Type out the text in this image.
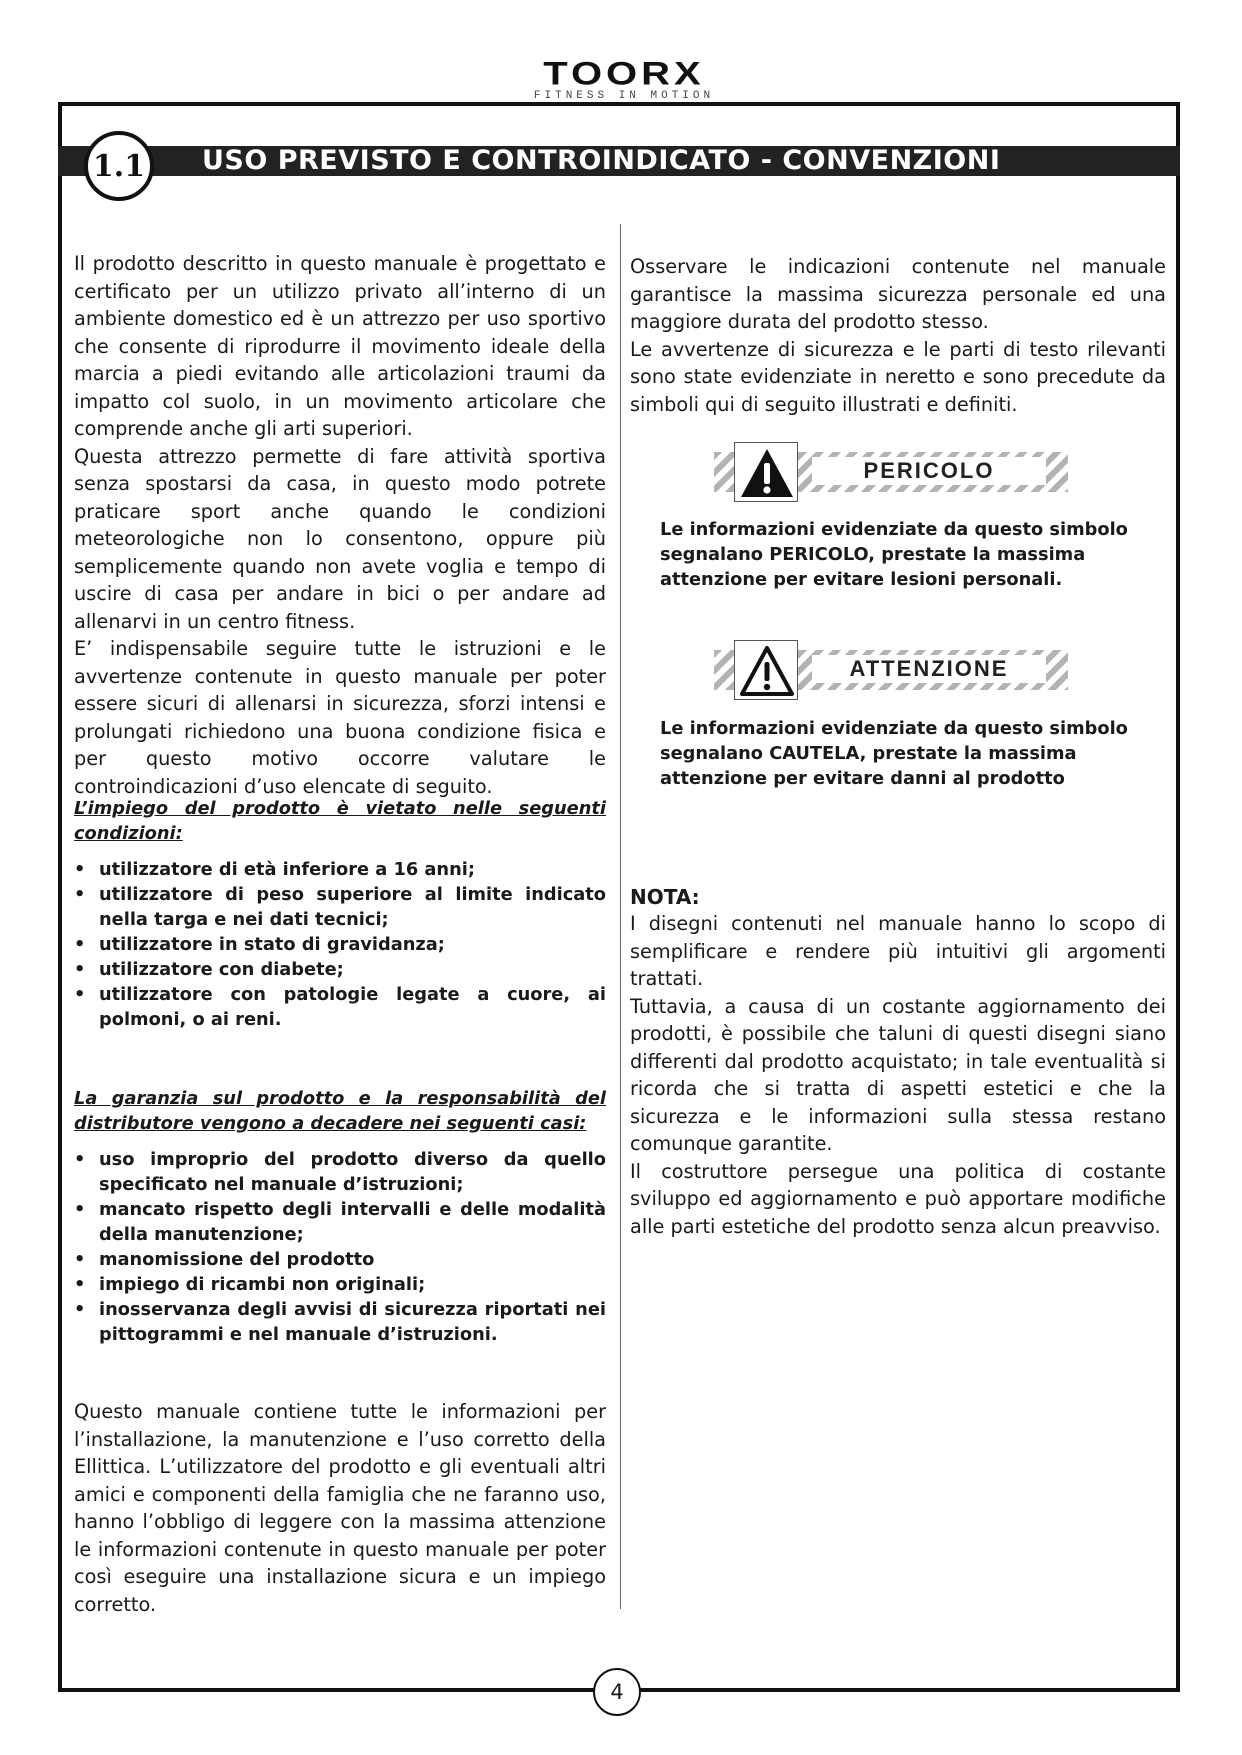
TOORX
FITNESS IN MOTION
USO PREVISTO E CONTROINDICATO - CONVENZIONI
1.1

Il prodotto descritto in questo manuale è progettato e certificato per un utilizzo privato all’interno di un ambiente domestico ed è un attrezzo per uso sportivo che consente di riprodurre il movimento ideale della marcia a piedi evitando alle articolazioni traumi da impatto col suolo, in un movimento articolare che comprende anche gli arti superiori.

Questa attrezzo permette di fare attività sportiva senza spostarsi da casa, in questo modo potrete praticare sport anche quando le condizioni meteorologiche non lo consentono, oppure più semplicemente quando non avete voglia e tempo di uscire di casa per andare in bici o per andare ad allenarvi in un centro fitness.

E’ indispensabile seguire tutte le istruzioni e le avvertenze contenute in questo manuale per poter essere sicuri di allenarsi in sicurezza, sforzi intensi e prolungati richiedono una buona condizione fisica e per questo motivo occorre valutare le controindicazioni d’uso elencate di seguito.

L’impiego del prodotto è vietato nelle seguenti condizioni:
• utilizzatore di età inferiore a 16 anni;
• utilizzatore di peso superiore al limite indicato nella targa e nei dati tecnici;
• utilizzatore in stato di gravidanza;
• utilizzatore con diabete;
• utilizzatore con patologie legate a cuore, ai polmoni, o ai reni.
La garanzia sul prodotto e la responsabilità del distributore vengono a decadere nei seguenti casi:
• uso improprio del prodotto diverso da quello specificato nel manuale d’istruzioni;
• mancato rispetto degli intervalli e delle modalità della manutenzione;
• manomissione del prodotto
• impiego di ricambi non originali;
• inosservanza degli avvisi di sicurezza riportati nei pittogrammi e nel manuale d’istruzioni.

Questo manuale contiene tutte le informazioni per l’installazione, la manutenzione e l’uso corretto della Ellittica. L’utilizzatore del prodotto e gli eventuali altri amici e componenti della famiglia che ne faranno uso, hanno l’obbligo di leggere con la massima attenzione le informazioni contenute in questo manuale per poter così eseguire una installazione sicura e un impiego corretto.

Osservare le indicazioni contenute nel manuale garantisce la massima sicurezza personale ed una maggiore durata del prodotto stesso.

Le avvertenze di sicurezza e le parti di testo rilevanti sono state evidenziate in neretto e sono precedute da simboli qui di seguito illustrati e definiti.

PERICOLO
Le informazioni evidenziate da questo simbolo segnalano PERICOLO, prestate la massima attenzione per evitare lesioni personali.
ATTENZIONE
Le informazioni evidenziate da questo simbolo segnalano CAUTELA, prestate la massima attenzione per evitare danni al prodotto
NOTA:

I disegni contenuti nel manuale hanno lo scopo di semplificare e rendere più intuitivi gli argomenti trattati.

Tuttavia, a causa di un costante aggiornamento dei prodotti, è possibile che taluni di questi disegni siano differenti dal prodotto acquistato; in tale eventualità si ricorda che si tratta di aspetti estetici e che la sicurezza e le informazioni sulla stessa restano comunque garantite.

Il costruttore persegue una politica di costante sviluppo ed aggiornamento e può apportare modifiche alle parti estetiche del prodotto senza alcun preavviso.

4
